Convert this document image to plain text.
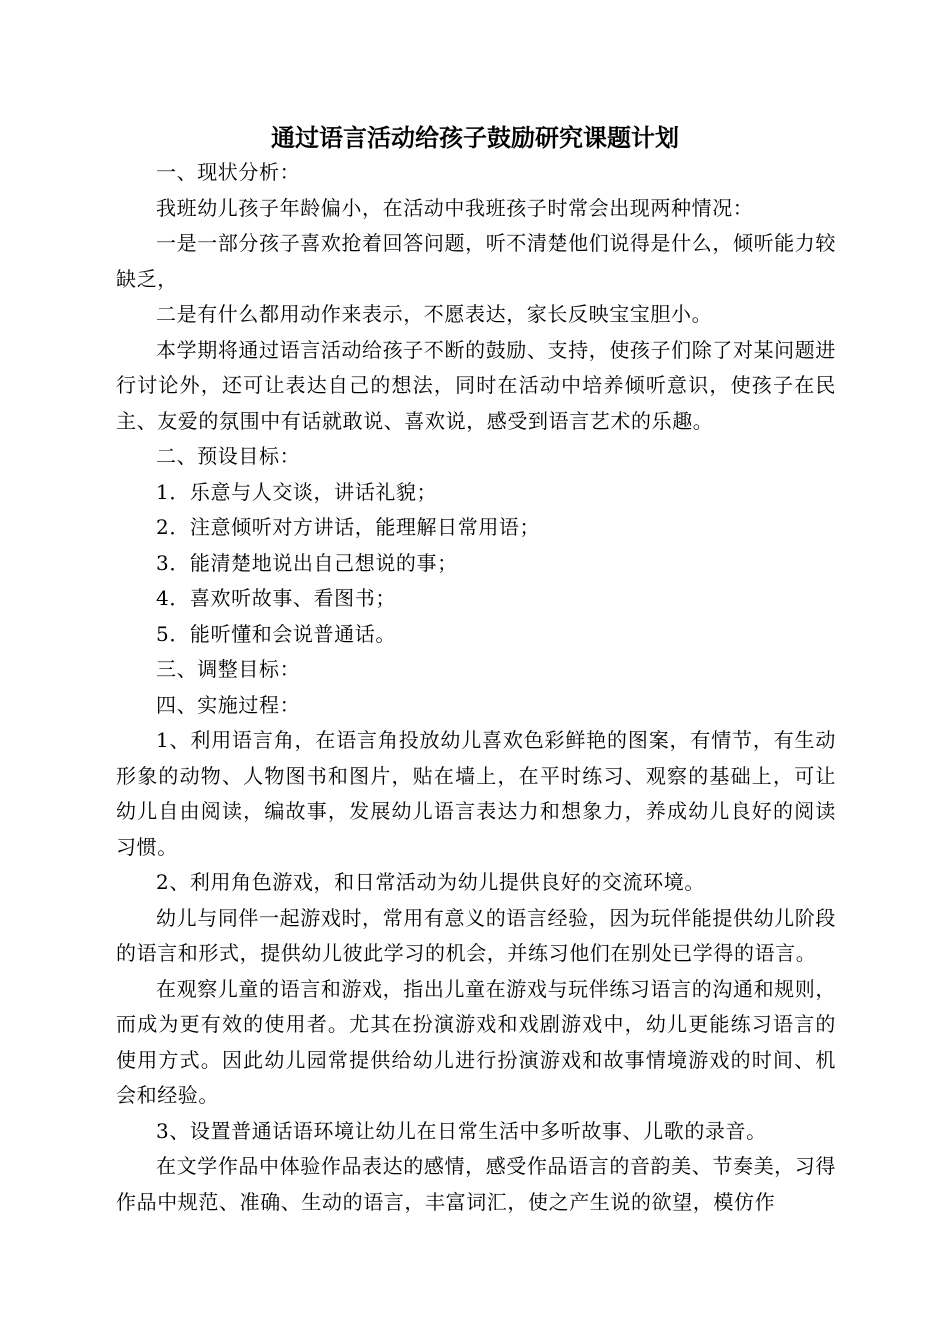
通过语言活动给孩子鼓励研究课题计划

一、现状分析：

我班幼儿孩子年龄偏小，在活动中我班孩子时常会出现两种情况：

一是一部分孩子喜欢抢着回答问题，听不清楚他们说得是什么，倾听能力较缺乏，

二是有什么都用动作来表示，不愿表达，家长反映宝宝胆小。

本学期将通过语言活动给孩子不断的鼓励、支持，使孩子们除了对某问题进行讨论外，还可让表达自己的想法，同时在活动中培养倾听意识，使孩子在民主、友爱的氛围中有话就敢说、喜欢说，感受到语言艺术的乐趣。

二、预设目标：

1．乐意与人交谈，讲话礼貌；

2．注意倾听对方讲话，能理解日常用语；

3．能清楚地说出自己想说的事；

4．喜欢听故事、看图书；

5．能听懂和会说普通话。

三、调整目标：

四、实施过程：

1、利用语言角，在语言角投放幼儿喜欢色彩鲜艳的图案，有情节，有生动形象的动物、人物图书和图片，贴在墙上，在平时练习、观察的基础上，可让幼儿自由阅读，编故事，发展幼儿语言表达力和想象力，养成幼儿良好的阅读习惯。

2、利用角色游戏，和日常活动为幼儿提供良好的交流环境。

幼儿与同伴一起游戏时，常用有意义的语言经验，因为玩伴能提供幼儿阶段的语言和形式，提供幼儿彼此学习的机会，并练习他们在别处已学得的语言。

在观察儿童的语言和游戏，指出儿童在游戏与玩伴练习语言的沟通和规则，而成为更有效的使用者。尤其在扮演游戏和戏剧游戏中，幼儿更能练习语言的使用方式。因此幼儿园常提供给幼儿进行扮演游戏和故事情境游戏的时间、机会和经验。

3、设置普通话语环境让幼儿在日常生活中多听故事、儿歌的录音。

在文学作品中体验作品表达的感情，感受作品语言的音韵美、节奏美，习得作品中规范、准确、生动的语言，丰富词汇，使之产生说的欲望，模仿作
